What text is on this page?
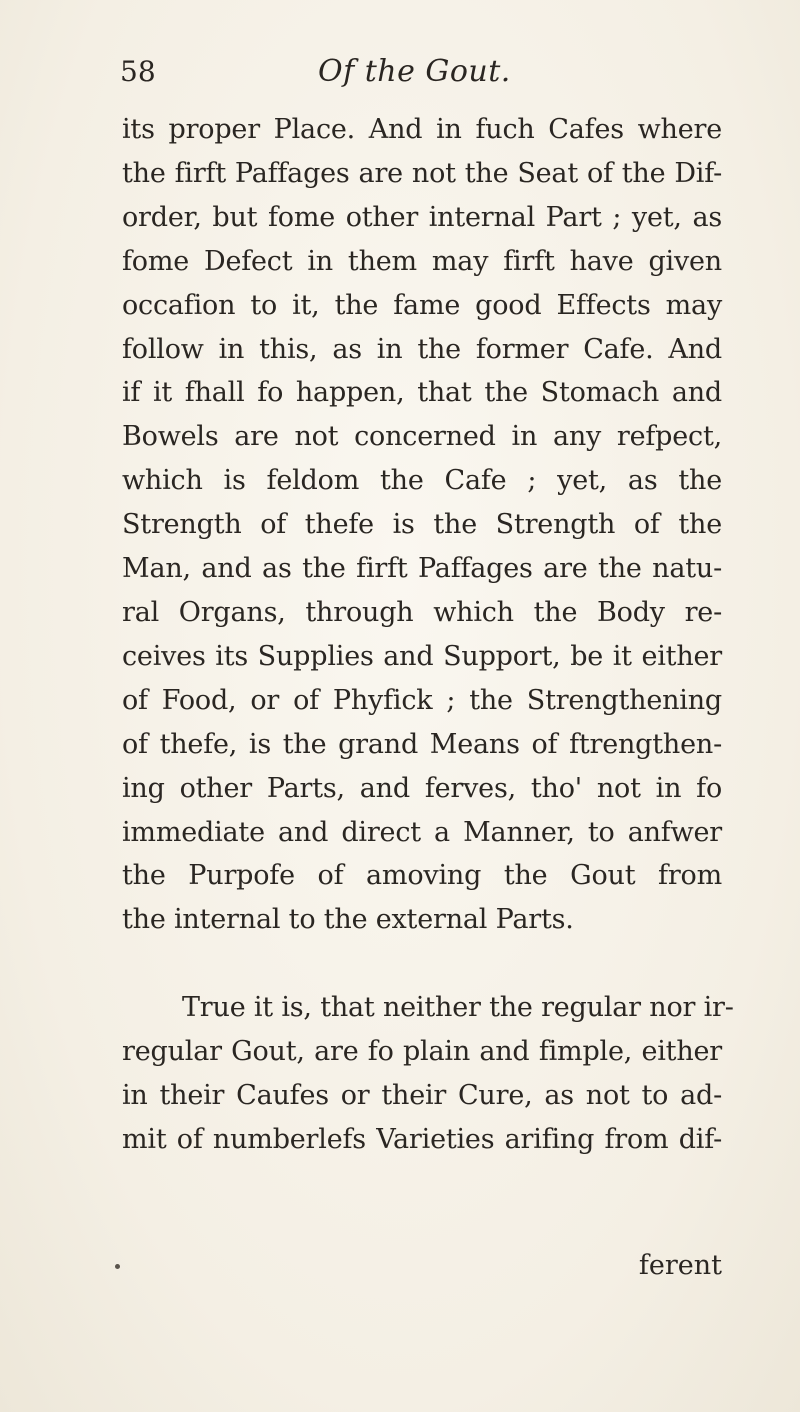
58	Of the Gout.
its proper Place. And in fuch Cafes where
the firft Paffages are not the Seat of the Dif-
order, but fome other internal Part ; yet, as
fome Defect in them may firft have given
occafion to it, the fame good Effects may
follow in this, as in the former Cafe. And
if it fhall fo happen, that the Stomach and
Bowels are not concerned in any refpect,
which is feldom the Cafe ; yet, as the
Strength of thefe is the Strength of the
Man, and as the firft Paffages are the natu-
ral Organs, through which the Body re-
ceives its Supplies and Support, be it either
of Food, or of Phyfick ; the Strengthening
of thefe, is the grand Means of ftrengthen-
ing other Parts, and ferves, tho' not in fo
immediate and direct a Manner, to anfwer
the Purpofe of amoving the Gout from
the internal to the external Parts.
True it is, that neither the regular nor ir-
regular Gout, are fo plain and fimple, either
in their Caufes or their Cure, as not to ad-
mit of numberlefs Varieties arifing from dif-
ferent
